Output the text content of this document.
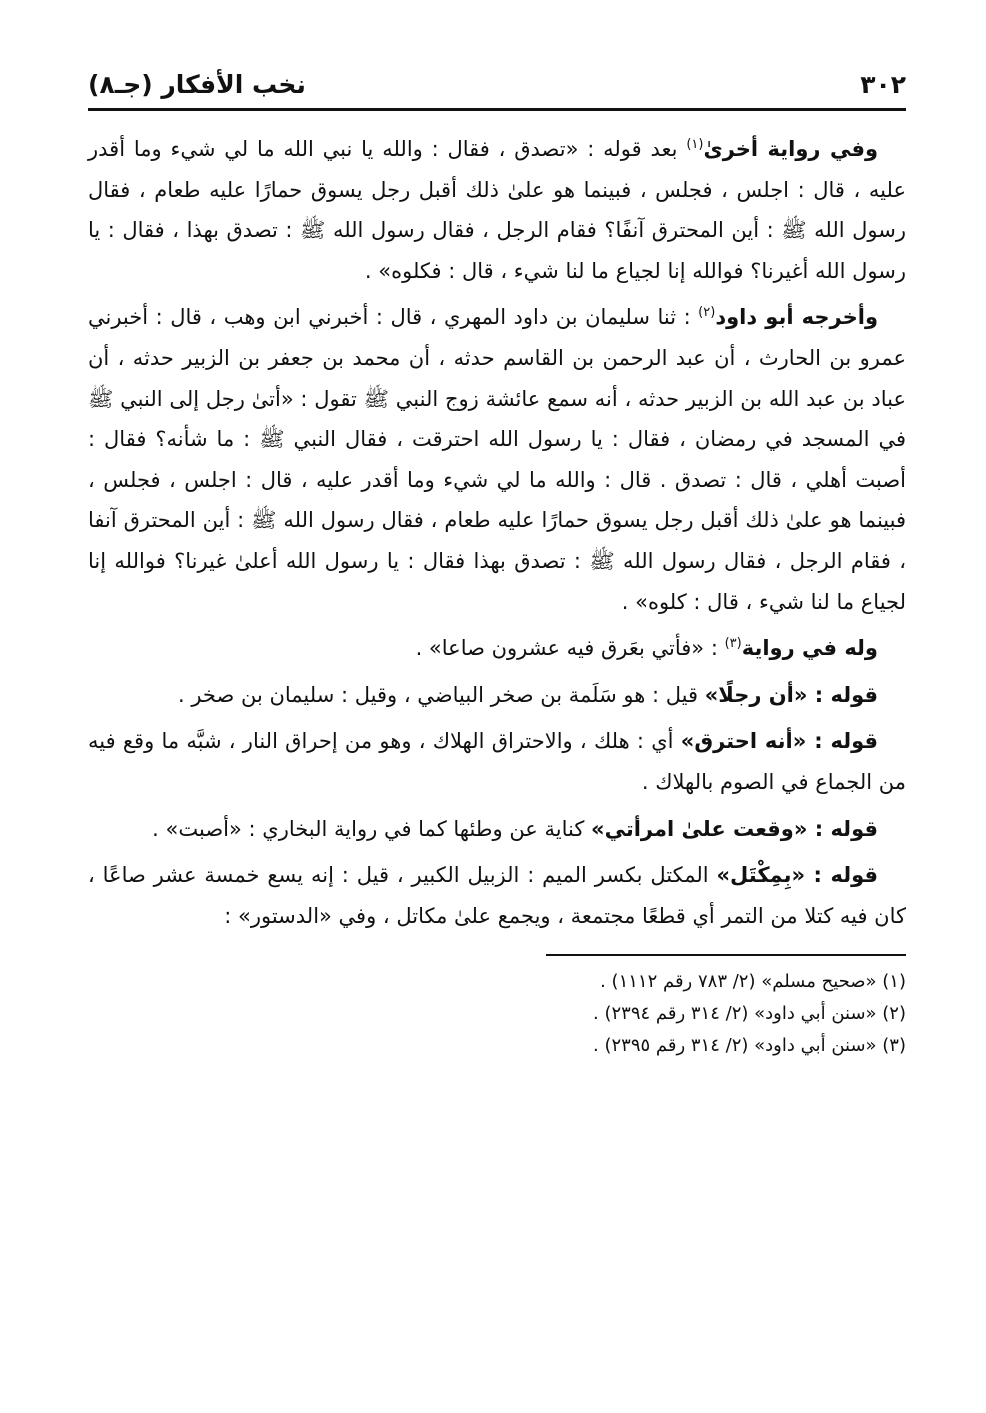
٣٠٢
نخب الأفكار (جـ٨)

وفي رواية أخرىٰ$^{(١)}$ بعد قوله : «تصدق ، فقال : والله يا نبي الله ما لي شيء وما أقدر عليه ، قال : اجلس ، فجلس ، فبينما هو علىٰ ذلك أقبل رجل يسوق حمارًا عليه طعام ، فقال رسول الله ﷺ : أين المحترق آنفًا؟ فقام الرجل ، فقال رسول الله ﷺ : تصدق بهذا ، فقال : يا رسول الله أغيرنا؟ فوالله إنا لجياع ما لنا شيء ، قال : فكلوه» .

وأخرجه أبو داود$^{(٢)}$ : ثنا سليمان بن داود المهري ، قال : أخبرني ابن وهب ، قال : أخبرني عمرو بن الحارث ، أن عبد الرحمن بن القاسم حدثه ، أن محمد بن جعفر بن الزبير حدثه ، أن عباد بن عبد الله بن الزبير حدثه ، أنه سمع عائشة زوج النبي ﷺ تقول : «أتىٰ رجل إلى النبي ﷺ في المسجد في رمضان ، فقال : يا رسول الله احترقت ، فقال النبي ﷺ : ما شأنه؟ فقال : أصبت أهلي ، قال : تصدق . قال : والله ما لي شيء وما أقدر عليه ، قال : اجلس ، فجلس ، فبينما هو علىٰ ذلك أقبل رجل يسوق حمارًا عليه طعام ، فقال رسول الله ﷺ : أين المحترق آنفا ، فقام الرجل ، فقال رسول الله ﷺ : تصدق بهذا فقال : يا رسول الله أعلىٰ غيرنا؟ فوالله إنا لجياع ما لنا شيء ، قال : كلوه» .

وله في رواية$^{(٣)}$ : «فأتي بعَرق فيه عشرون صاعا» .

قوله : «أن رجلًا» قيل : هو سَلَمة بن صخر البياضي ، وقيل : سليمان بن صخر .

قوله : «أنه احترق» أي : هلك ، والاحتراق الهلاك ، وهو من إحراق النار ، شبَّه ما وقع فيه من الجماع في الصوم بالهلاك .

قوله : «وقعت علىٰ امرأتي» كناية عن وطئها كما في رواية البخاري : «أصبت» .

قوله : «بِمِكْتَل» المكتل بكسر الميم : الزبيل الكبير ، قيل : إنه يسع خمسة عشر صاعًا ، كان فيه كتلا من التمر أي قطعًا مجتمعة ، ويجمع علىٰ مكاتل ، وفي «الدستور» :

(١) «صحيح مسلم» (٢/ ٧٨٣ رقم ١١١٢) .

(٢) «سنن أبي داود» (٢/ ٣١٤ رقم ٢٣٩٤) .

(٣) «سنن أبي داود» (٢/ ٣١٤ رقم ٢٣٩٥) .
